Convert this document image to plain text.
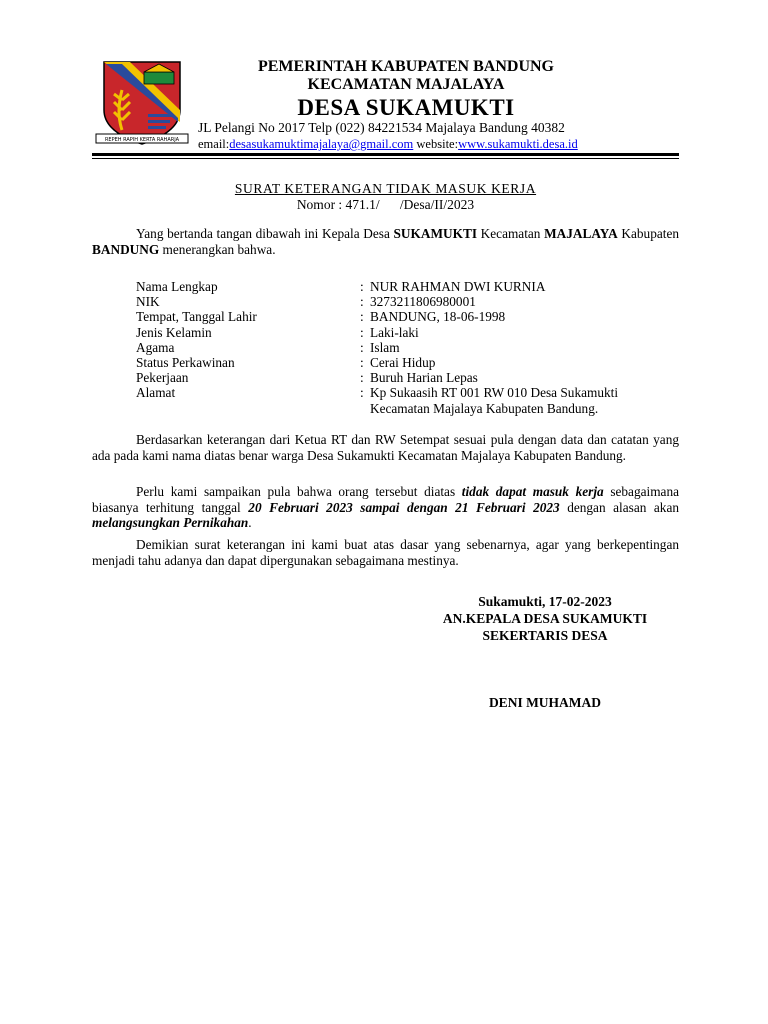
REPEH RAPIH KERTA RAHARJA
PEMERINTAH KABUPATEN BANDUNG
KECAMATAN MAJALAYA
DESA SUKAMUKTI
JL Pelangi No 2017 Telp (022) 84221534 Majalaya Bandung 40382
email:desasukamuktimajalaya@gmail.com website:www.sukamukti.desa.id
SURAT KETERANGAN TIDAK MASUK KERJA
Nomor : 471.1/      /Desa/II/2023
Yang bertanda tangan dibawah ini Kepala Desa SUKAMUKTI Kecamatan MAJALAYA Kabupaten BANDUNG menerangkan bahwa.
Nama Lengkap	: NUR RAHMAN DWI KURNIA
NIK	: 3273211806980001
Tempat, Tanggal Lahir	: BANDUNG, 18-06-1998
Jenis Kelamin	: Laki-laki
Agama	: Islam
Status Perkawinan	: Cerai Hidup
Pekerjaan	: Buruh Harian Lepas
Alamat	: Kp Sukaasih RT 001 RW 010 Desa Sukamukti
Kecamatan Majalaya Kabupaten Bandung.
Berdasarkan keterangan dari Ketua RT dan RW Setempat sesuai pula dengan data dan catatan yang ada pada kami nama diatas benar warga Desa Sukamukti Kecamatan Majalaya Kabupaten Bandung.
Perlu kami sampaikan pula bahwa orang tersebut diatas tidak dapat masuk kerja sebagaimana biasanya terhitung tanggal 20 Februari 2023 sampai dengan 21 Februari 2023 dengan alasan akan melangsungkan Pernikahan.
Demikian surat keterangan ini kami buat atas dasar yang sebenarnya, agar yang berkepentingan menjadi tahu adanya dan dapat dipergunakan sebagaimana mestinya.
Sukamukti, 17-02-2023
AN.KEPALA DESA SUKAMUKTI
SEKERTARIS DESA
DENI MUHAMAD
